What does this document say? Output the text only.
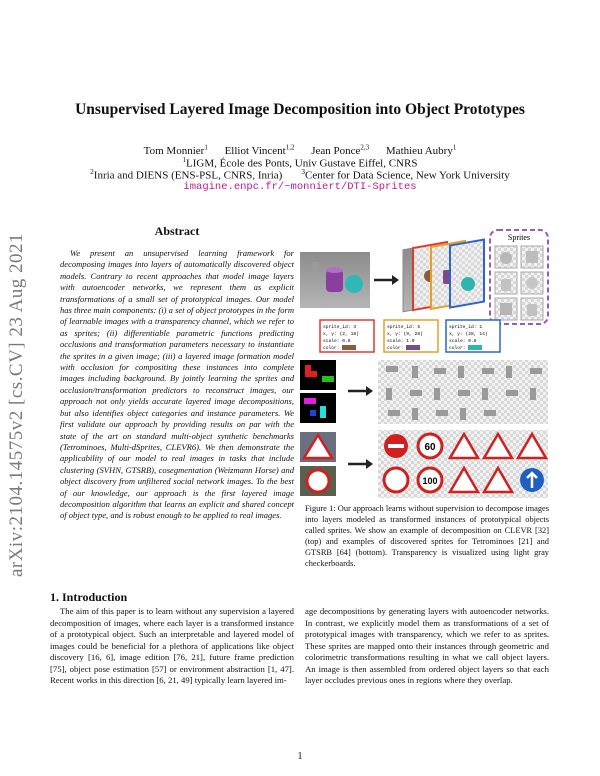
arXiv:2104.14575v2 [cs.CV] 23 Aug 2021
Unsupervised Layered Image Decomposition into Object Prototypes
Tom Monnier$^1$ Elliot Vincent$^{1,2}$ Jean Ponce$^{2,3}$ Mathieu Aubry$^1$
$^1$LIGM, École des Ponts, Univ Gustave Eiffel, CNRS
$^2$Inria and DIENS (ENS-PSL, CNRS, Inria)	$^3$Center for Data Science, New York University
imagine.enpc.fr/~monniert/DTI-Sprites
Abstract
We present an unsupervised learning framework for decomposing images into layers of automatically discovered object models. Contrary to recent approaches that model image layers with autoencoder networks, we represent them as explicit transformations of a small set of prototypical images. Our model has three main components: (i) a set of object prototypes in the form of learnable images with a transparency channel, which we refer to as sprites; (ii) differentiable parametric functions predicting occlusions and transformation parameters necessary to instantiate the sprites in a given image; (iii) a layered image formation model with occlusion for compositing these instances into complete images including background. By jointly learning the sprites and occlusion/transformation predictors to reconstruct images, our approach not only yields accurate layered image decompositions, but also identifies object categories and instance parameters. We first validate our approach by providing results on par with the state of the art on standard multi-object synthetic benchmarks (Tetrominoes, Multi-dSprites, CLEVR6). We then demonstrate the applicability of our model to real images in tasks that include clustering (SVHN, GTSRB), cosegmentation (Weizmann Horse) and object discovery from unfiltered social network images. To the best of our knowledge, our approach is the first layered image decomposition algorithm that learns an explicit and shared concept of object type, and is robust enough to be applied to real images.
Sprites
sprite_id: 3
x, y: (2, 18)
scale: 0.8
color:
sprite_id: 5
x, y: (9, 28)
scale: 1.0
color:
sprite_id: 1
x, y: (28, 14)
scale: 0.8
color:
60
100
Figure 1: Our approach learns without supervision to decompose images into layers modeled as transformed instances of prototypical objects called sprites. We show an example of decomposition on CLEVR [32] (top) and examples of discovered sprites for Tetrominoes [21] and GTSRB [64] (bottom). Transparency is visualized using light gray checkerboards.
1. Introduction
The aim of this paper is to learn without any supervision a layered decomposition of images, where each layer is a transformed instance of a prototypical object. Such an interpretable and layered model of images could be beneficial for a plethora of applications like object discovery [16, 6], image edition [76, 21], future frame prediction [75], object pose estimation [57] or environment abstraction [1, 47]. Recent works in this direction [6, 21, 49] typically learn layered im-
age decompositions by generating layers with autoencoder networks. In contrast, we explicitly model them as transformations of a set of prototypical images with transparency, which we refer to as sprites. These sprites are mapped onto their instances through geometric and colorimetric transformations resulting in what we call object layers. An image is then assembled from ordered object layers so that each layer occludes previous ones in regions where they overlap.
1
